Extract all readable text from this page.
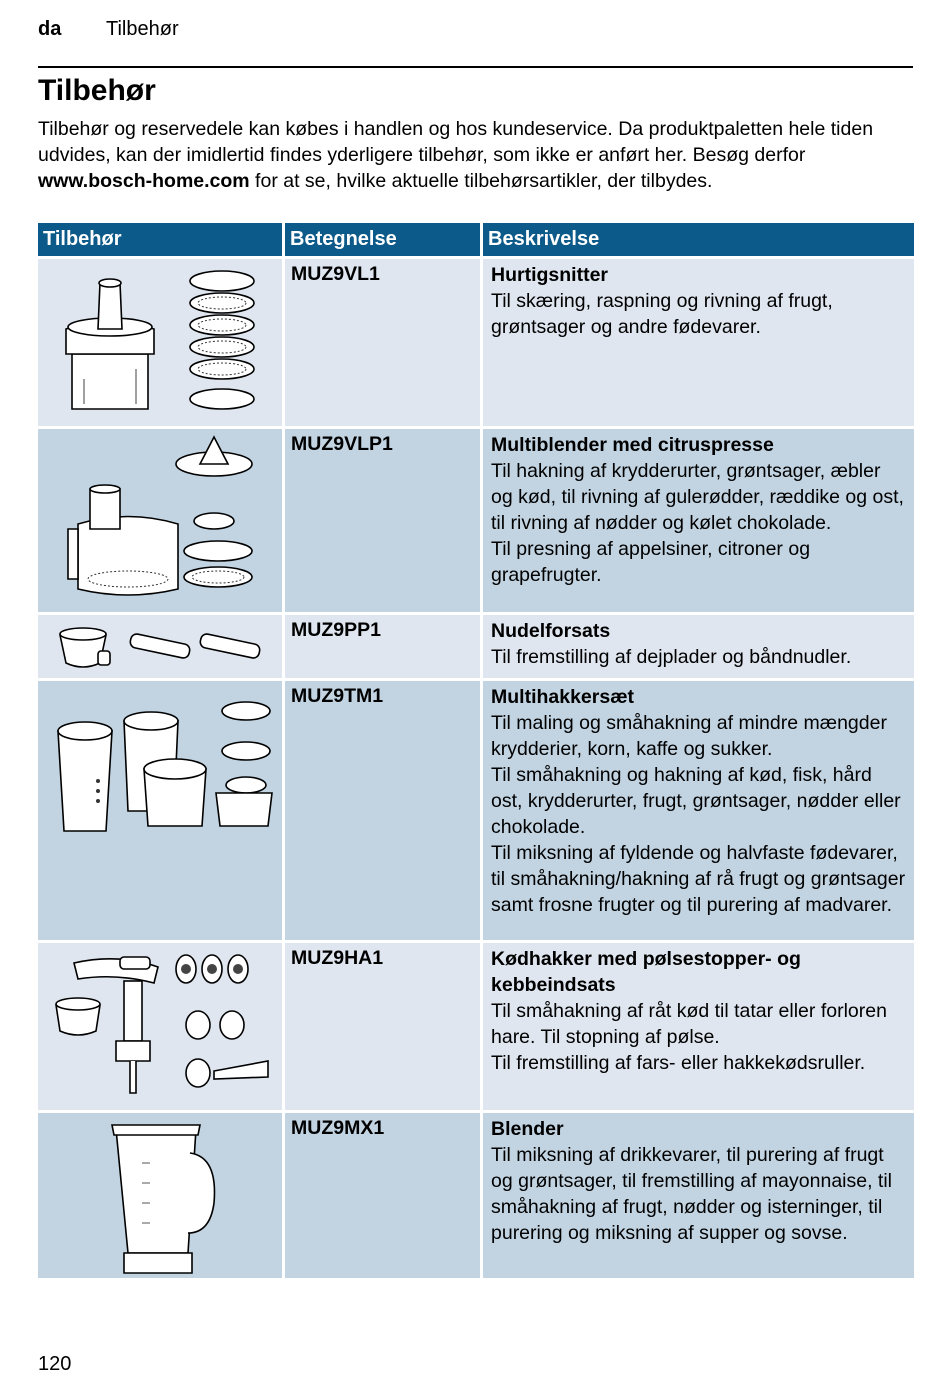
da Tilbehør
Tilbehør

Tilbehør og reservedele kan købes i handlen og hos kundeservice. Da produktpaletten hele tiden udvides, kan der imidlertid findes yderligere tilbehør, som ikke er anført her. Besøg derfor www.bosch-home.com for at se, hvilke aktuelle tilbehørsartikler, der tilbydes.

Tilbehør	Betegnelse	Beskrivelse

	MUZ9VL1	Hurtigsnitter
Til skæring, raspning og rivning af frugt, grøntsager og andre fødevarer.

	MUZ9VLP1	Multiblender med citruspresse
Til hakning af krydderurter, grøntsager, æbler og kød, til rivning af gulerødder, ræddike og ost, til rivning af nødder og kølet chokolade.
Til presning af appelsiner, citroner og grapefrugter.

	MUZ9PP1	Nudelforsats
Til fremstilling af dejplader og båndnudler.

	MUZ9TM1	Multihakkersæt
Til maling og småhakning af mindre mængder krydderier, korn, kaffe og sukker.
Til småhakning og hakning af kød, fisk, hård ost, krydderurter, frugt, grøntsager, nødder eller chokolade.
Til miksning af fyldende og halvfaste fødevarer, til småhakning/hakning af rå frugt og grøntsager samt frosne frugter og til purering af madvarer.

	MUZ9HA1	Kødhakker med pølsestopper- og kebbeindsats
Til småhakning af råt kød til tatar eller forloren hare. Til stopning af pølse.
Til fremstilling af fars- eller hakkekødsruller.

	MUZ9MX1	Blender
Til miksning af drikkevarer, til purering af frugt og grøntsager, til fremstilling af mayonnaise, til småhakning af frugt, nødder og isterninger, til purering og miksning af supper og sovse.
120
